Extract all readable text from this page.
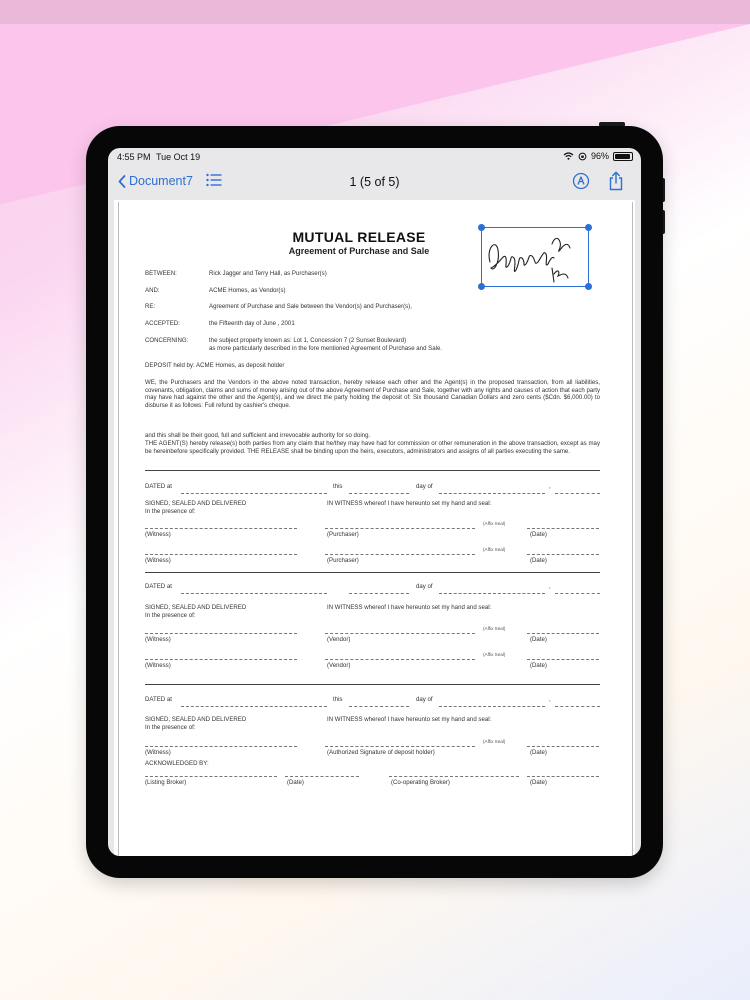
4:55 PM Tue Oct 19	96%
Document7	1 (5 of 5)
MUTUAL RELEASE
Agreement of Purchase and Sale
BETWEEN:	Rick Jagger and Terry Hall, as Purchaser(s)
AND:	ACME Homes, as Vendor(s)
RE:	Agreement of Purchase and Sale between the Vendor(s) and Purchaser(s),
ACCEPTED:	the Fifteenth day of June , 2001
CONCERNING:	the subject property known as: Lot 1, Concession 7 (2 Sunset Boulevard)
as more particularly described in the fore mentioned Agreement of Purchase and Sale.
DEPOSIT held by: ACME Homes, as deposit holder
WE, the Purchasers and the Vendors in the above noted transaction, hereby release each other and the Agent(s) in the proposed transaction, from all liabilities, covenants, obligation, claims and sums of money arising out of the above Agreement of Purchase and Sale, together with any rights and causes of action that each party may have had against the other and the Agent(s), and we direct the party holding the deposit of: Six thousand Canadian Dollars and zero cents ($Cdn. $6,000.00) to disburse it as follows: Full refund by cashier's cheque.
and this shall be their good, full and sufficient and irrevocable authority for so doing.
THE AGENT(S) hereby release(s) both parties from any claim that he/they may have had for commission or other remuneration in the above transaction, except as may be hereinbefore specifically provided. THE RELEASE shall be binding upon the heirs, executors, administrators and assigns of all parties executing the same.
DATED at	this	day of	,
SIGNED, SEALED AND DELIVERED
In the presence of:
IN WITNESS whereof I have hereunto set my hand and seal:
(Affix Seal)
(Witness)	(Purchaser)	(Date)
(Affix Seal)
(Witness)	(Purchaser)	(Date)
DATED at	day of	,
SIGNED, SEALED AND DELIVERED
In the presence of:
IN WITNESS whereof I have hereunto set my hand and seal:
(Affix Seal)
(Witness)	(Vendor)	(Date)
(Affix Seal)
(Witness)	(Vendor)	(Date)
DATED at	this	day of	,
SIGNED, SEALED AND DELIVERED
In the presence of:
IN WITNESS whereof I have hereunto set my hand and seal:
(Affix Seal)
(Witness)	(Authorized Signature of deposit holder)	(Date)
ACKNOWLEDGED BY:
(Listing Broker)	(Date)	(Co-operating Broker)	(Date)
